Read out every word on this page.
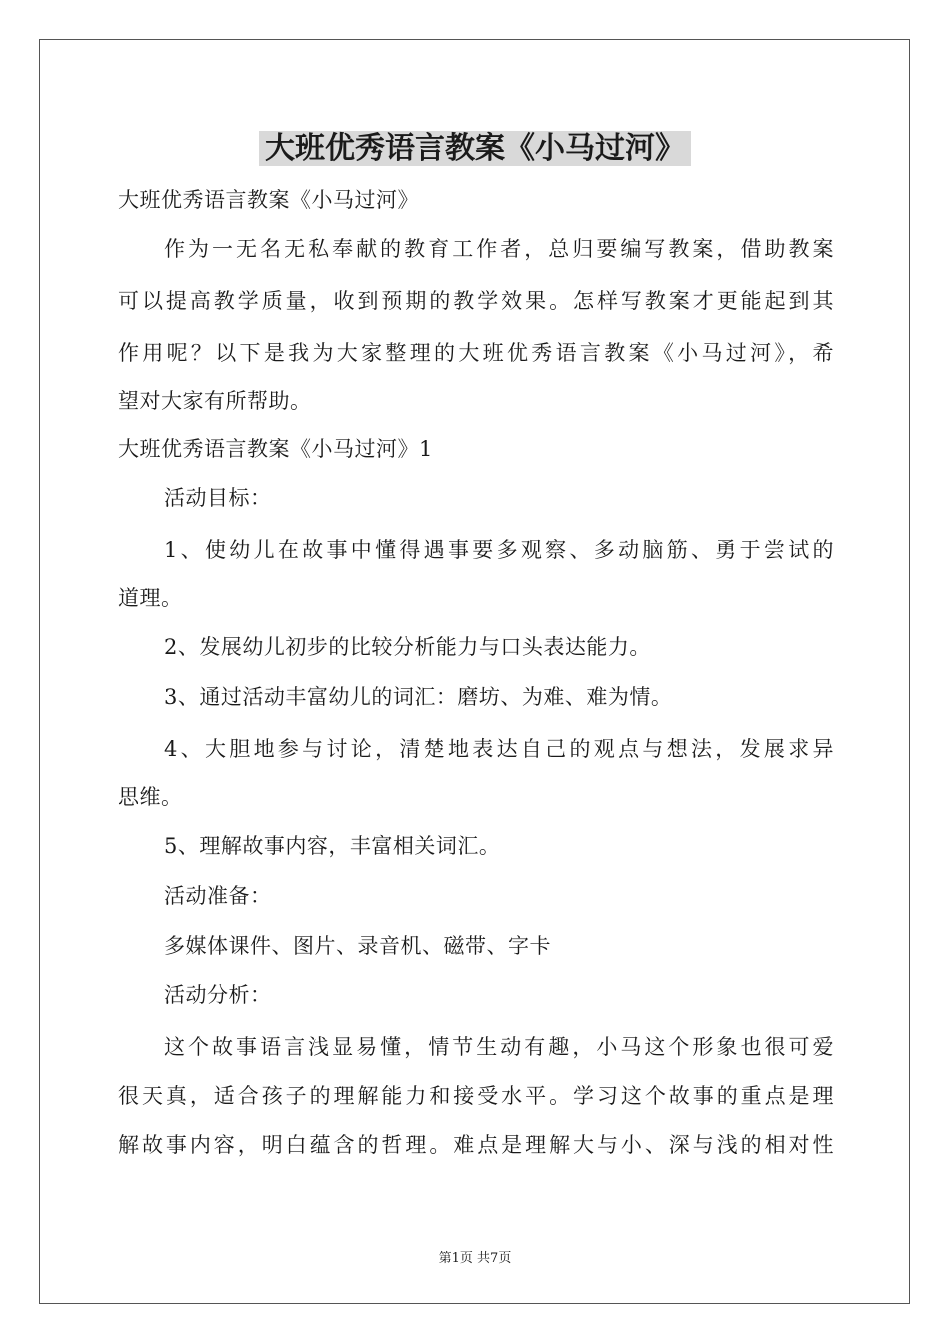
大班优秀语言教案《小马过河》
大班优秀语言教案《小马过河》
作为一无名无私奉献的教育工作者，总归要编写教案，借助教案
可以提高教学质量，收到预期的教学效果。怎样写教案才更能起到其
作用呢？以下是我为大家整理的大班优秀语言教案《小马过河》，希
望对大家有所帮助。
大班优秀语言教案《小马过河》1
活动目标：
1、使幼儿在故事中懂得遇事要多观察、多动脑筋、勇于尝试的
道理。
2、发展幼儿初步的比较分析能力与口头表达能力。
3、通过活动丰富幼儿的词汇：磨坊、为难、难为情。
4、大胆地参与讨论，清楚地表达自己的观点与想法，发展求异
思维。
5、理解故事内容，丰富相关词汇。
活动准备：
多媒体课件、图片、录音机、磁带、字卡
活动分析：
这个故事语言浅显易懂，情节生动有趣，小马这个形象也很可爱
很天真，适合孩子的理解能力和接受水平。学习这个故事的重点是理
解故事内容，明白蕴含的哲理。难点是理解大与小、深与浅的相对性
第1页 共7页
